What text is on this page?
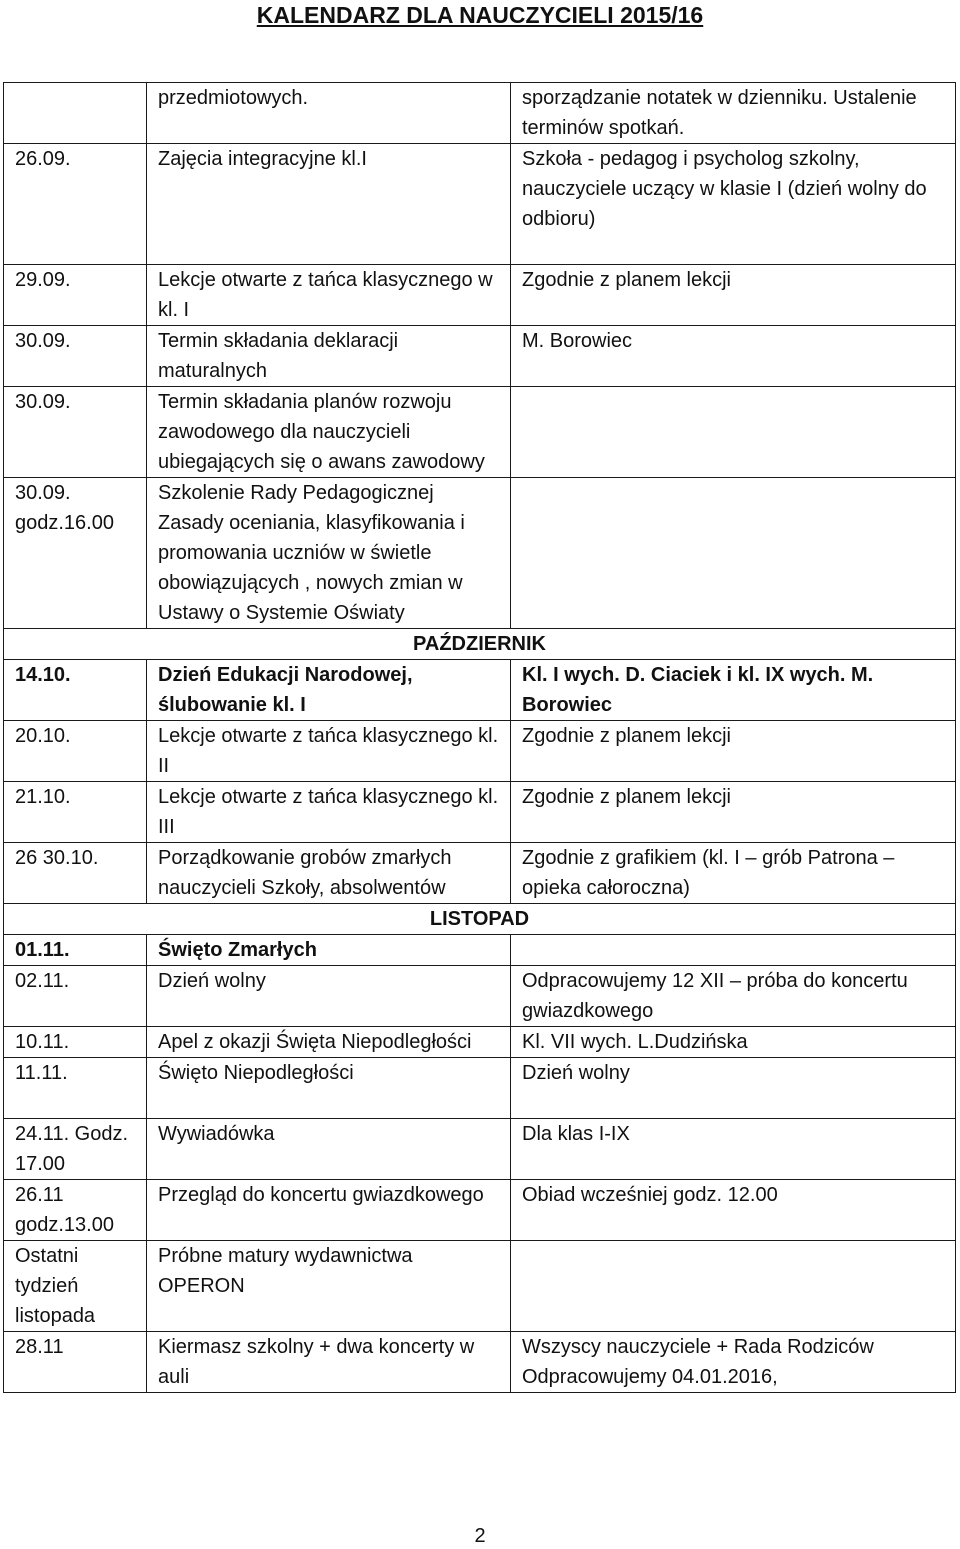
KALENDARZ DLA NAUCZYCIELI 2015/16
	przedmiotowych.	sporządzanie notatek w dzienniku. Ustalenie terminów spotkań.
26.09.	Zajęcia integracyjne kl.I	Szkoła - pedagog i psycholog szkolny, nauczyciele uczący w klasie I (dzień wolny do odbioru)

29.09.	Lekcje otwarte z tańca klasycznego w kl. I	Zgodnie z planem lekcji
30.09.	Termin składania deklaracji maturalnych	M. Borowiec
30.09.	Termin składania planów rozwoju zawodowego dla nauczycieli ubiegających się o awans zawodowy	
30.09. godz.16.00	Szkolenie Rady Pedagogicznej Zasady oceniania, klasyfikowania i promowania uczniów w świetle obowiązujących , nowych zmian w Ustawy o Systemie Oświaty	
PAŹDZIERNIK		
14.10.	Dzień Edukacji Narodowej, ślubowanie kl. I	Kl. I wych. D. Ciaciek i kl. IX wych. M. Borowiec
20.10.	Lekcje otwarte z tańca klasycznego kl. II	Zgodnie z planem lekcji
21.10.	Lekcje otwarte z tańca klasycznego kl. III	Zgodnie z planem lekcji
26 30.10.	Porządkowanie grobów zmarłych nauczycieli Szkoły, absolwentów	Zgodnie z grafikiem (kl. I – grób Patrona – opieka całoroczna)
LISTOPAD		
01.11.	Święto Zmarłych	
02.11.	Dzień wolny	Odpracowujemy 12 XII – próba do koncertu gwiazdkowego
10.11.	Apel z okazji Święta Niepodległości	Kl. VII wych. L.Dudzińska
11.11.	Święto Niepodległości	Dzień wolny
24.11. Godz. 17.00	Wywiadówka	Dla klas I-IX
26.11 godz.13.00	Przegląd do koncertu gwiazdkowego	Obiad wcześniej godz. 12.00
Ostatni tydzień listopada	Próbne matury wydawnictwa OPERON	
28.11	Kiermasz szkolny + dwa koncerty w auli	Wszyscy nauczyciele + Rada Rodziców Odpracowujemy 04.01.2016,
2
